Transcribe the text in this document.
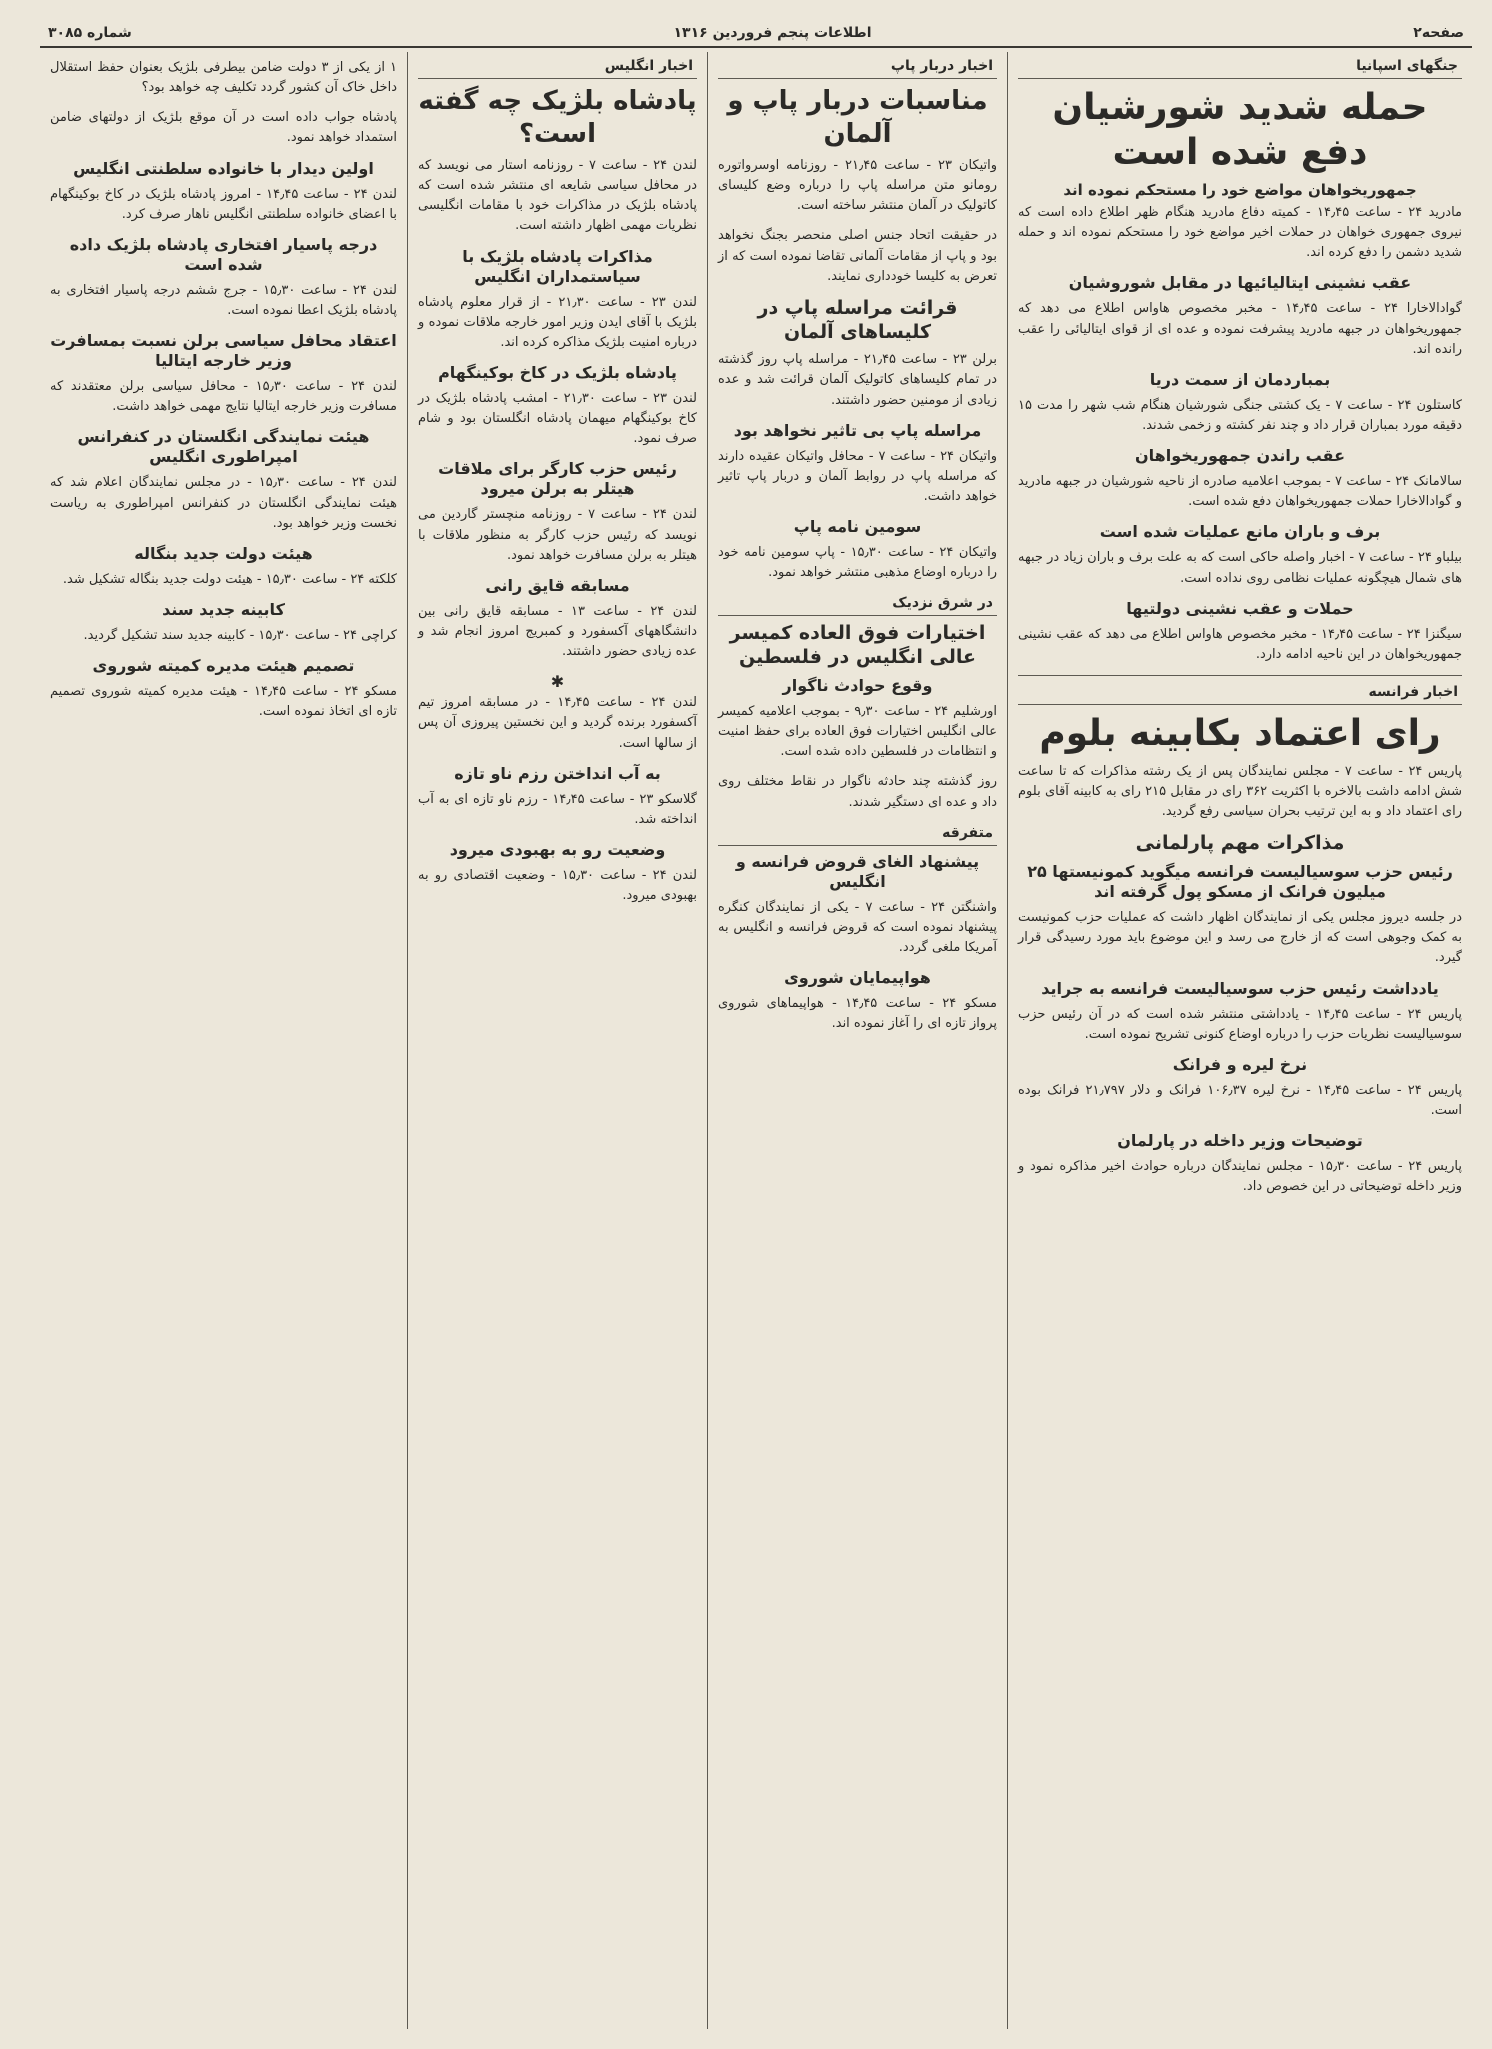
صفحه۲
اطلاعات پنجم فروردین ۱۳۱۶
شماره ۳۰۸۵
جنگهای اسپانیا
حمله شدید شورشیان دفع شده است
جمهوریخواهان مواضع خود را مستحکم نموده اند
مادرید ۲۴ - ساعت ۱۴٫۴۵ - کمیته دفاع مادرید هنگام ظهر اطلاع داده است که نیروی جمهوری خواهان در حملات اخیر مواضع خود را مستحکم نموده اند و حمله شدید دشمن را دفع کرده اند.
عقب نشینی ایتالیائیها در مقابل شوروشیان
گوادالاخارا ۲۴ - ساعت ۱۴٫۴۵ - مخبر مخصوص هاواس اطلاع می دهد که جمهوریخواهان در جبهه مادرید پیشرفت نموده و عده ای از قوای ایتالیائی را عقب رانده اند.
بمباردمان از سمت دریا
کاستلون ۲۴ - ساعت ۷ - یک کشتی جنگی شورشیان هنگام شب شهر را مدت ۱۵ دقیقه مورد بمباران قرار داد و چند نفر کشته و زخمی شدند.
عقب راندن جمهوریخواهان
سالامانک ۲۴ - ساعت ۷ - بموجب اعلامیه صادره از ناحیه شورشیان در جبهه مادرید و گوادالاخارا حملات جمهوریخواهان دفع شده است.
برف و باران مانع عملیات شده است
بیلباو ۲۴ - ساعت ۷ - اخبار واصله حاکی است که به علت برف و باران زیاد در جبهه های شمال هیچگونه عملیات نظامی روی نداده است.
حملات و عقب نشینی دولتیها
سیگنزا ۲۴ - ساعت ۱۴٫۴۵ - مخبر مخصوص هاواس اطلاع می دهد که عقب نشینی جمهوریخواهان در این ناحیه ادامه دارد.
اخبار فرانسه
رای اعتماد بکابینه بلوم
پاریس ۲۴ - ساعت ۷ - مجلس نمایندگان پس از یک رشته مذاکرات که تا ساعت شش ادامه داشت بالاخره با اکثریت ۳۶۲ رای در مقابل ۲۱۵ رای به کابینه آقای بلوم رای اعتماد داد و به این ترتیب بحران سیاسی رفع گردید.
مذاکرات مهم پارلمانی
رئیس حزب سوسیالیست فرانسه میگوید کمونیستها ۲۵ میلیون فرانک از مسکو پول گرفته اند
در جلسه دیروز مجلس یکی از نمایندگان اظهار داشت که عملیات حزب کمونیست به کمک وجوهی است که از خارج می رسد و این موضوع باید مورد رسیدگی قرار گیرد.
یادداشت رئیس حزب سوسیالیست فرانسه به جراید
پاریس ۲۴ - ساعت ۱۴٫۴۵ - یادداشتی منتشر شده است که در آن رئیس حزب سوسیالیست نظریات حزب را درباره اوضاع کنونی تشریح نموده است.
نرخ لیره و فرانک
پاریس ۲۴ - ساعت ۱۴٫۴۵ - نرخ لیره ۱۰۶٫۳۷ فرانک و دلار ۲۱٫۷۹۷ فرانک بوده است.
توضیحات وزیر داخله در پارلمان
پاریس ۲۴ - ساعت ۱۵٫۳۰ - مجلس نمایندگان درباره حوادث اخیر مذاکره نمود و وزیر داخله توضیحاتی در این خصوص داد.
اخبار دربار پاپ
مناسبات دربار پاپ و آلمان
واتیکان ۲۳ - ساعت ۲۱٫۴۵ - روزنامه اوسرواتوره رومانو متن مراسله پاپ را درباره وضع کلیسای کاتولیک در آلمان منتشر ساخته است.
در حقیقت اتحاد جنس اصلی منحصر بجنگ نخواهد بود و پاپ از مقامات آلمانی تقاضا نموده است که از تعرض به کلیسا خودداری نمایند.
قرائت مراسله پاپ در کلیساهای آلمان
برلن ۲۳ - ساعت ۲۱٫۴۵ - مراسله پاپ روز گذشته در تمام کلیساهای کاتولیک آلمان قرائت شد و عده زیادی از مومنین حضور داشتند.
مراسله پاپ بی تاثیر نخواهد بود
واتیکان ۲۴ - ساعت ۷ - محافل واتیکان عقیده دارند که مراسله پاپ در روابط آلمان و دربار پاپ تاثیر خواهد داشت.
سومین نامه پاپ
واتیکان ۲۴ - ساعت ۱۵٫۳۰ - پاپ سومین نامه خود را درباره اوضاع مذهبی منتشر خواهد نمود.
در شرق نزدیک
اختیارات فوق العاده کمیسر عالی انگلیس در فلسطین
وقوع حوادث ناگوار
اورشلیم ۲۴ - ساعت ۹٫۳۰ - بموجب اعلامیه کمیسر عالی انگلیس اختیارات فوق العاده برای حفظ امنیت و انتظامات در فلسطین داده شده است.
روز گذشته چند حادثه ناگوار در نقاط مختلف روی داد و عده ای دستگیر شدند.
متفرقه
پیشنهاد الغای قروض فرانسه و انگلیس
واشنگتن ۲۴ - ساعت ۷ - یکی از نمایندگان کنگره پیشنهاد نموده است که قروض فرانسه و انگلیس به آمریکا ملغی گردد.
هواپیمایان شوروی
مسکو ۲۴ - ساعت ۱۴٫۴۵ - هواپیماهای شوروی پرواز تازه ای را آغاز نموده اند.
اخبار انگلیس
پادشاه بلژیک چه گفته است؟
لندن ۲۴ - ساعت ۷ - روزنامه استار می نویسد که در محافل سیاسی شایعه ای منتشر شده است که پادشاه بلژیک در مذاکرات خود با مقامات انگلیسی نظریات مهمی اظهار داشته است.
مذاکرات پادشاه بلژیک با سیاستمداران انگلیس
لندن ۲۳ - ساعت ۲۱٫۳۰ - از قرار معلوم پادشاه بلژیک با آقای ایدن وزیر امور خارجه ملاقات نموده و درباره امنیت بلژیک مذاکره کرده اند.
پادشاه بلژیک در کاخ بوکینگهام
لندن ۲۳ - ساعت ۲۱٫۳۰ - امشب پادشاه بلژیک در کاخ بوکینگهام میهمان پادشاه انگلستان بود و شام صرف نمود.
رئیس حزب کارگر برای ملاقات هیتلر به برلن میرود
لندن ۲۴ - ساعت ۷ - روزنامه منچستر گاردین می نویسد که رئیس حزب کارگر به منظور ملاقات با هیتلر به برلن مسافرت خواهد نمود.
مسابقه قایق رانی
لندن ۲۴ - ساعت ۱۳ - مسابقه قایق رانی بین دانشگاههای آکسفورد و کمبریج امروز انجام شد و عده زیادی حضور داشتند.
✱
لندن ۲۴ - ساعت ۱۴٫۴۵ - در مسابقه امروز تیم آکسفورد برنده گردید و این نخستین پیروزی آن پس از سالها است.
به آب انداختن رزم ناو تازه
گلاسکو ۲۳ - ساعت ۱۴٫۴۵ - رزم ناو تازه ای به آب انداخته شد.
وضعیت رو به بهبودی میرود
لندن ۲۴ - ساعت ۱۵٫۳۰ - وضعیت اقتصادی رو به بهبودی میرود.
۱ از یکی از ۳ دولت ضامن بیطرفی بلژیک بعنوان حفظ استقلال داخل خاک آن کشور گردد تکلیف چه خواهد بود؟
پادشاه جواب داده است در آن موقع بلژیک از دولتهای ضامن استمداد خواهد نمود.
اولین دیدار با خانواده سلطنتی انگلیس
لندن ۲۴ - ساعت ۱۴٫۴۵ - امروز پادشاه بلژیک در کاخ بوکینگهام با اعضای خانواده سلطنتی انگلیس ناهار صرف کرد.
درجه پاسیار افتخاری پادشاه بلژیک داده شده است
لندن ۲۴ - ساعت ۱۵٫۳۰ - جرج ششم درجه پاسیار افتخاری به پادشاه بلژیک اعطا نموده است.
اعتقاد محافل سیاسی برلن نسبت بمسافرت وزیر خارجه ایتالیا
لندن ۲۴ - ساعت ۱۵٫۳۰ - محافل سیاسی برلن معتقدند که مسافرت وزیر خارجه ایتالیا نتایج مهمی خواهد داشت.
هیئت نمایندگی انگلستان در کنفرانس امپراطوری انگلیس
لندن ۲۴ - ساعت ۱۵٫۳۰ - در مجلس نمایندگان اعلام شد که هیئت نمایندگی انگلستان در کنفرانس امپراطوری به ریاست نخست وزیر خواهد بود.
هیئت دولت جدید بنگاله
کلکته ۲۴ - ساعت ۱۵٫۳۰ - هیئت دولت جدید بنگاله تشکیل شد.
کابینه جدید سند
کراچی ۲۴ - ساعت ۱۵٫۳۰ - کابینه جدید سند تشکیل گردید.
تصمیم هیئت مدیره کمیته شوروی
مسکو ۲۴ - ساعت ۱۴٫۴۵ - هیئت مدیره کمیته شوروی تصمیم تازه ای اتخاذ نموده است.
